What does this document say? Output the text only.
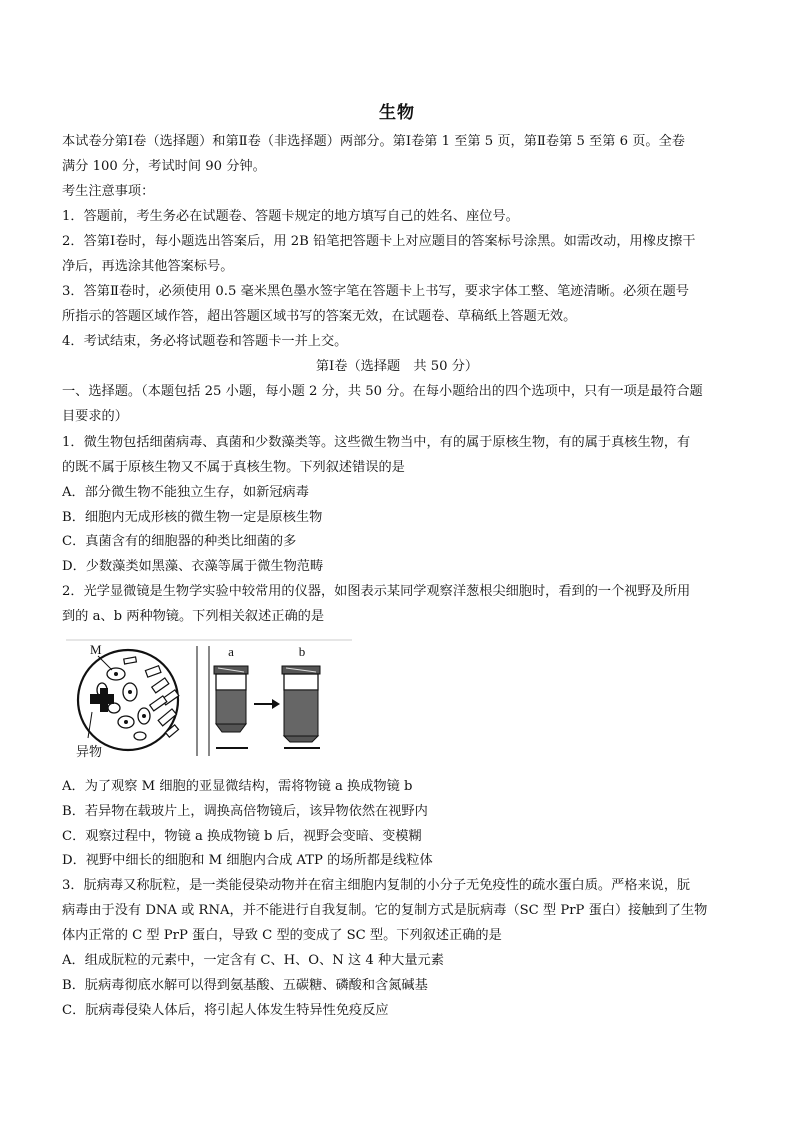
生物
本试卷分第Ⅰ卷（选择题）和第Ⅱ卷（非选择题）两部分。第Ⅰ卷第 1 至第 5 页，第Ⅱ卷第 5 至第 6 页。全卷
满分 100 分，考试时间 90 分钟。
考生注意事项：
1．答题前，考生务必在试题卷、答题卡规定的地方填写自己的姓名、座位号。
2．答第Ⅰ卷时，每小题选出答案后，用 2B 铅笔把答题卡上对应题目的答案标号涂黑。如需改动，用橡皮擦干
净后，再选涂其他答案标号。
3．答第Ⅱ卷时，必须使用 0.5 毫米黑色墨水签字笔在答题卡上书写，要求字体工整、笔迹清晰。必须在题号
所指示的答题区域作答，超出答题区域书写的答案无效，在试题卷、草稿纸上答题无效。
4．考试结束，务必将试题卷和答题卡一并上交。
第Ⅰ卷（选择题　共 50 分）
一、选择题。（本题包括 25 小题，每小题 2 分，共 50 分。在每小题给出的四个选项中，只有一项是最符合题
目要求的）
1．微生物包括细菌病毒、真菌和少数藻类等。这些微生物当中，有的属于原核生物，有的属于真核生物，有
的既不属于原核生物又不属于真核生物。下列叙述错误的是
A．部分微生物不能独立生存，如新冠病毒
B．细胞内无成形核的微生物一定是原核生物
C．真菌含有的细胞器的种类比细菌的多
D．少数藻类如黑藻、衣藻等属于微生物范畴
2．光学显微镜是生物学实验中较常用的仪器，如图表示某同学观察洋葱根尖细胞时，看到的一个视野及所用
到的 a、b 两种物镜。下列相关叙述正确的是
M
异物
a	b
A．为了观察 M 细胞的亚显微结构，需将物镜 a 换成物镜 b
B．若异物在载玻片上，调换高倍物镜后，该异物依然在视野内
C．观察过程中，物镜 a 换成物镜 b 后，视野会变暗、变模糊
D．视野中细长的细胞和 M 细胞内合成 ATP 的场所都是线粒体
3．朊病毒又称朊粒，是一类能侵染动物并在宿主细胞内复制的小分子无免疫性的疏水蛋白质。严格来说，朊
病毒由于没有 DNA 或 RNA，并不能进行自我复制。它的复制方式是朊病毒（SC 型 PrP 蛋白）接触到了生物
体内正常的 C 型 PrP 蛋白，导致 C 型的变成了 SC 型。下列叙述正确的是
A．组成朊粒的元素中，一定含有 C、H、O、N 这 4 种大量元素
B．朊病毒彻底水解可以得到氨基酸、五碳糖、磷酸和含氮碱基
C．朊病毒侵染人体后，将引起人体发生特异性免疫反应
